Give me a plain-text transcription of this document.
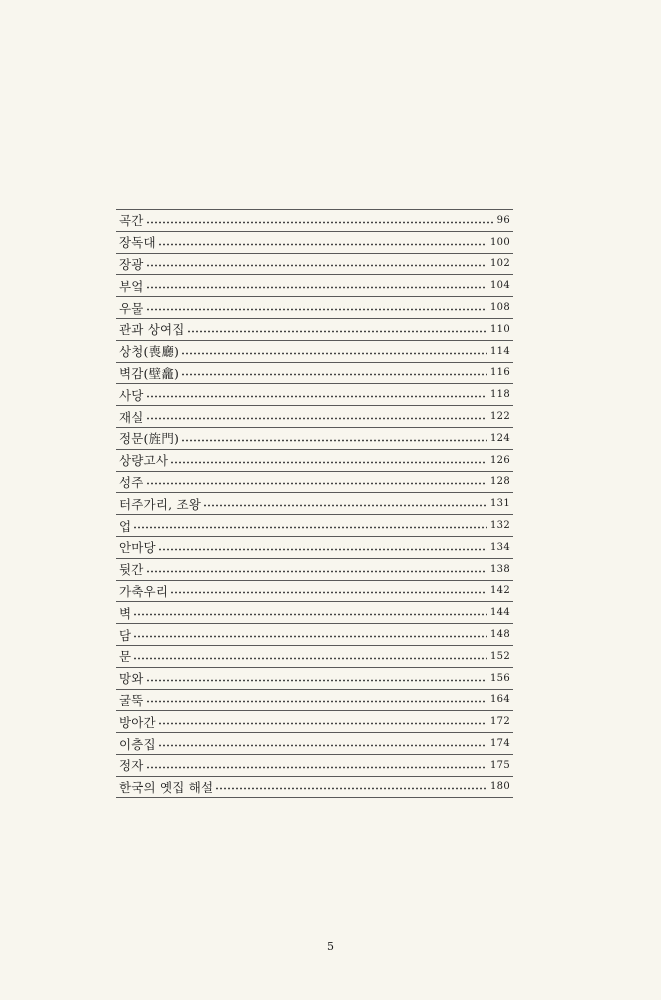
곡간	96
장독대	100
장광	102
부엌	104
우물	108
관과 상여집	110
상청(喪廳)	114
벽감(壁龕)	116
사당	118
재실	122
정문(旌門)	124
상량고사	126
성주	128
터주가리, 조왕	131
업	132
안마당	134
뒷간	138
가축우리	142
벽	144
담	148
문	152
망와	156
굴뚝	164
방아간	172
이층집	174
정자	175
한국의 옛집 해설	180
5
